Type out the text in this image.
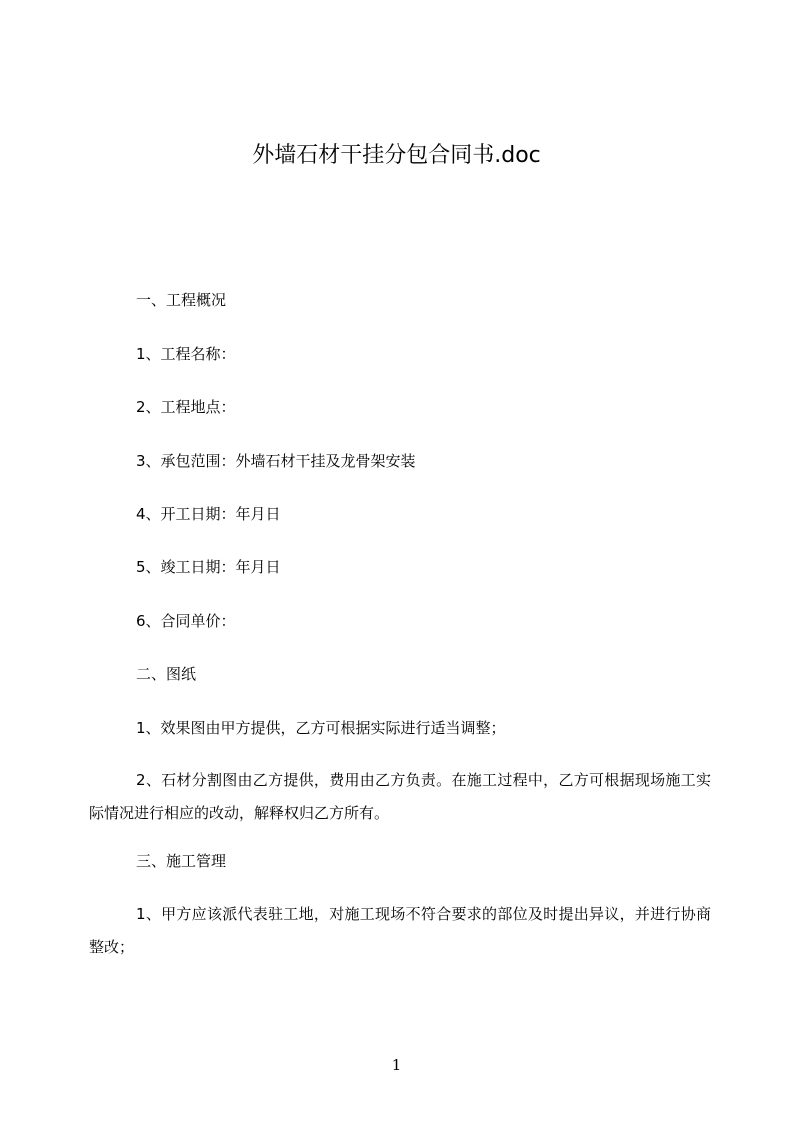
外墙石材干挂分包合同书.doc
一、工程概况
1、工程名称：
2、工程地点：
3、承包范围：外墙石材干挂及龙骨架安装
4、开工日期：年月日
5、竣工日期：年月日
6、合同单价：
二、图纸
1、效果图由甲方提供，乙方可根据实际进行适当调整；
2、石材分割图由乙方提供，费用由乙方负责。在施工过程中，乙方可根据现场施工实际情况进行相应的改动，解释权归乙方所有。
三、施工管理
1、甲方应该派代表驻工地，对施工现场不符合要求的部位及时提出异议，并进行协商整改；
1
